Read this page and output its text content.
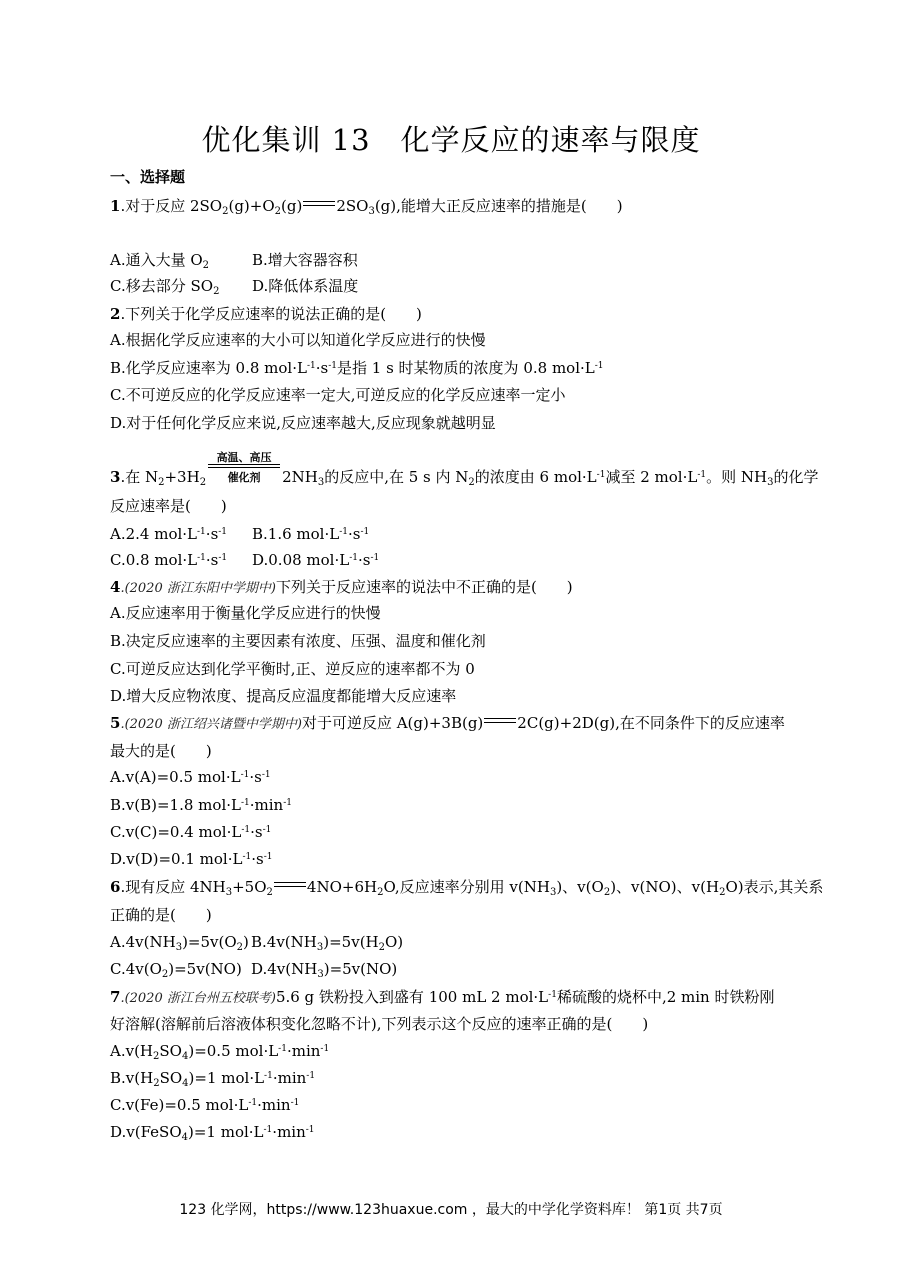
优化集训 13　化学反应的速率与限度
一、选择题
1.对于反应 $2SO_2(g)+O_2(g)$ $2SO_3(g)$,能增大正反应速率的措施是(　　)
A.通入大量 $O_2$	B.增大容器容积
C.移去部分 $SO_2$ D.降低体系温度
2.下列关于化学反应速率的说法正确的是(　　)
A.根据化学反应速率的大小可以知道化学反应进行的快慢
B.化学反应速率为 0.8 $mol\cdot L^{-1}\cdot s^{-1}$是指 1 s 时某物质的浓度为 0.8 $mol\cdot L^{-1}$
C.不可逆反应的化学反应速率一定大,可逆反应的化学反应速率一定小
D.对于任何化学反应来说,反应速率越大,反应现象就越明显
3.在 $N_2+3H_2$
高温、高压
催化剂	$2NH_3$的反应中,在 5 s 内 $N_2$的浓度由 6 $mol\cdot L^{-1}$减至 2 $mol\cdot L^{-1}$。则 $NH_3$的化学
反应速率是(　　)
A.2.4 $mol\cdot L^{-1}\cdot s^{-1}$ B.1.6 $mol\cdot L^{-1}\cdot s^{-1}$
C.0.8 $mol\cdot L^{-1}\cdot s^{-1}$ D.0.08 $mol\cdot L^{-1}\cdot s^{-1}$
4.(2020 浙江东阳中学期中)下列关于反应速率的说法中不正确的是(　　)
A.反应速率用于衡量化学反应进行的快慢
B.决定反应速率的主要因素有浓度、压强、温度和催化剂
C.可逆反应达到化学平衡时,正、逆反应的速率都不为 0
D.增大反应物浓度、提高反应温度都能增大反应速率
5.(2020 浙江绍兴诸暨中学期中)对于可逆反应 A(g)+3B(g) 2C(g)+2D(g),在不同条件下的反应速率
最大的是(　　)
A.v(A)=0.5 $mol\cdot L^{-1}\cdot s^{-1}$
B.v(B)=1.8 $mol\cdot L^{-1}\cdot\min^{-1}$
C.v(C)=0.4 $mol\cdot L^{-1}\cdot s^{-1}$
D.v(D)=0.1 $mol\cdot L^{-1}\cdot s^{-1}$
6.现有反应 $4NH_3+5O_2$ $4NO+6H_2O$,反应速率分别用 $v(NH_3)$、$v(O_2)$、v(NO)、$v(H_2O)$表示,其关系
正确的是(　　)
$A.4v(NH_3)=5v(O_2)$ $B.4v(NH_3)=5v(H_2O)$
$C.4v(O_2)=5v(NO)$ $D.4v(NH_3)=5v(NO)$
7.(2020 浙江台州五校联考)5.6 g 铁粉投入到盛有 100 mL 2 $mol\cdot L^{-1}$稀硫酸的烧杯中,2 min 时铁粉刚
好溶解(溶解前后溶液体积变化忽略不计),下列表示这个反应的速率正确的是(　　)
$A.v(H_2SO_4)=0.5$ $mol\cdot L^{-1}\cdot\min^{-1}$
$B.v(H_2SO_4)=1$ $mol\cdot L^{-1}\cdot\min^{-1}$
C.v(Fe)=0.5 $mol\cdot L^{-1}\cdot\min^{-1}$
D.v(FeSO$_4$)=1 $mol\cdot L^{-1}\cdot\min^{-1}$
123 化学网，https://www.123huaxue.com ，最大的中学化学资料库！ 第1页 共7页
